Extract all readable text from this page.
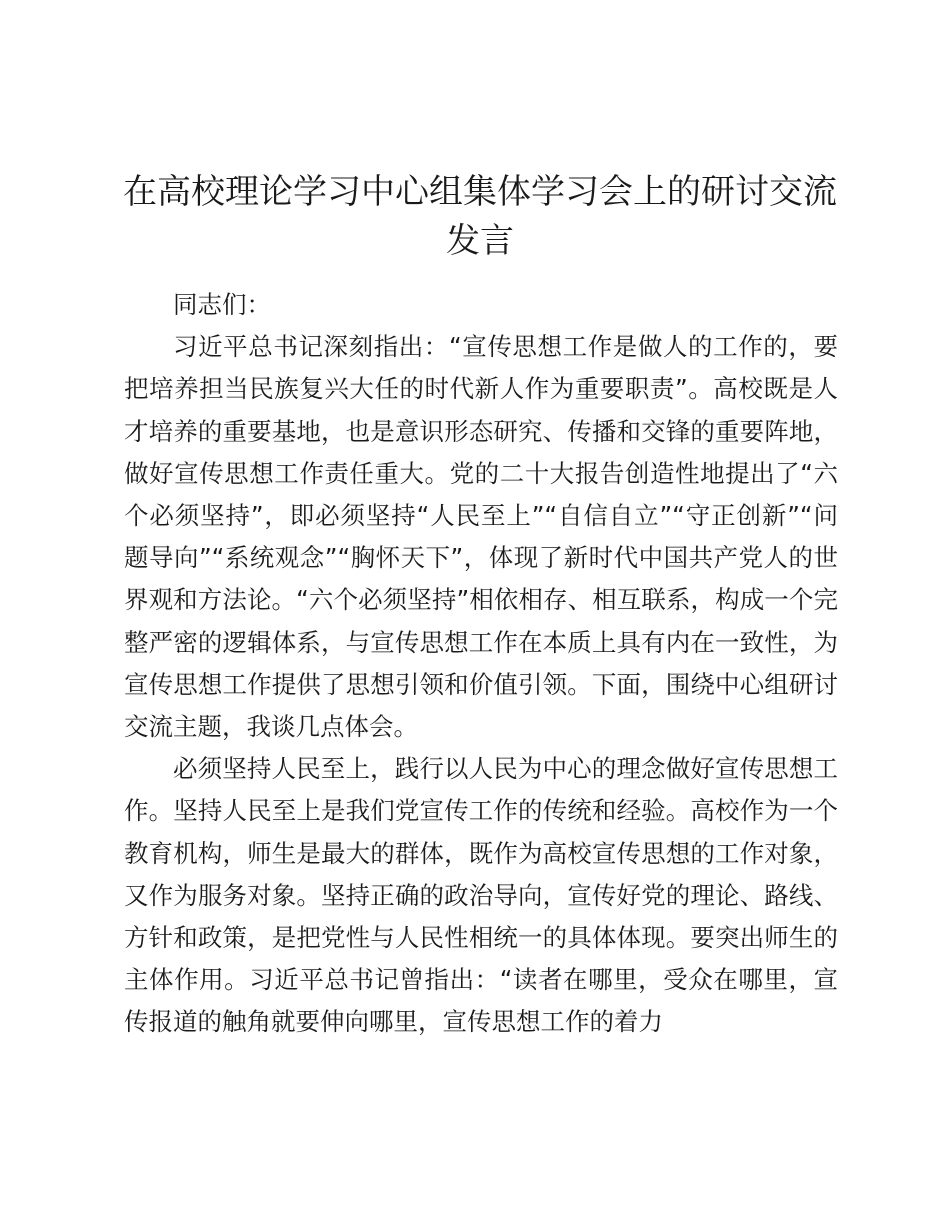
在高校理论学习中心组集体学习会上的研讨交流发言

同志们：

习近平总书记深刻指出：“宣传思想工作是做人的工作的，要把培养担当民族复兴大任的时代新人作为重要职责”。高校既是人才培养的重要基地，也是意识形态研究、传播和交锋的重要阵地，做好宣传思想工作责任重大。党的二十大报告创造性地提出了“六个必须坚持”，即必须坚持“人民至上”“自信自立”“守正创新”“问题导向”“系统观念”“胸怀天下”，体现了新时代中国共产党人的世界观和方法论。“六个必须坚持”相依相存、相互联系，构成一个完整严密的逻辑体系，与宣传思想工作在本质上具有内在一致性，为宣传思想工作提供了思想引领和价值引领。下面，围绕中心组研讨交流主题，我谈几点体会。

必须坚持人民至上，践行以人民为中心的理念做好宣传思想工作。坚持人民至上是我们党宣传工作的传统和经验。高校作为一个教育机构，师生是最大的群体，既作为高校宣传思想的工作对象，又作为服务对象。坚持正确的政治导向，宣传好党的理论、路线、方针和政策，是把党性与人民性相统一的具体体现。要突出师生的主体作用。习近平总书记曾指出：“读者在哪里，受众在哪里，宣传报道的触角就要伸向哪里，宣传思想工作的着力
